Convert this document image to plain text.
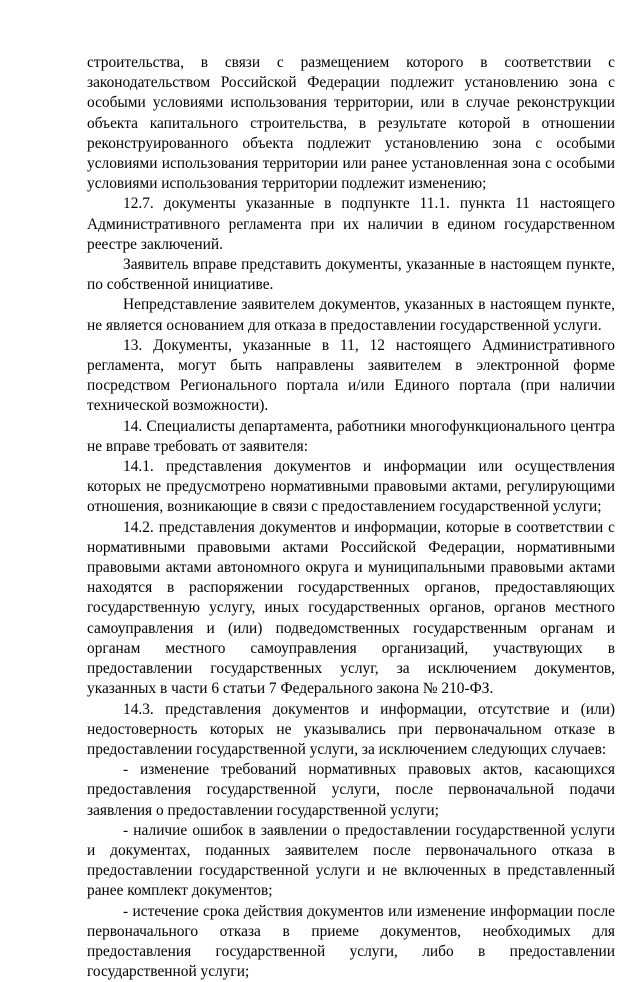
строительства, в связи с размещением которого в соответствии с законодательством Российской Федерации подлежит установлению зона с особыми условиями использования территории, или в случае реконструкции объекта капитального строительства, в результате которой в отношении реконструированного объекта подлежит установлению зона с особыми условиями использования территории или ранее установленная зона с особыми условиями использования территории подлежит изменению;

12.7. документы указанные в подпункте 11.1. пункта 11 настоящего Административного регламента при их наличии в едином государственном реестре заключений.

Заявитель вправе представить документы, указанные в настоящем пункте, по собственной инициативе.

Непредставление заявителем документов, указанных в настоящем пункте, не является основанием для отказа в предоставлении государственной услуги.

13. Документы, указанные в 11, 12 настоящего Административного регламента, могут быть направлены заявителем в электронной форме посредством Регионального портала и/или Единого портала (при наличии технической возможности).

14. Специалисты департамента, работники многофункционального центра не вправе требовать от заявителя:

14.1. представления документов и информации или осуществления которых не предусмотрено нормативными правовыми актами, регулирующими отношения, возникающие в связи с предоставлением государственной услуги;

14.2. представления документов и информации, которые в соответствии с нормативными правовыми актами Российской Федерации, нормативными правовыми актами автономного округа и муниципальными правовыми актами находятся в распоряжении государственных органов, предоставляющих государственную услугу, иных государственных органов, органов местного самоуправления и (или) подведомственных государственным органам и органам местного самоуправления организаций, участвующих в предоставлении государственных услуг, за исключением документов, указанных в части 6 статьи 7 Федерального закона № 210-ФЗ.

14.3. представления документов и информации, отсутствие и (или) недостоверность которых не указывались при первоначальном отказе в предоставлении государственной услуги, за исключением следующих случаев:

- изменение требований нормативных правовых актов, касающихся предоставления государственной услуги, после первоначальной подачи заявления о предоставлении государственной услуги;

- наличие ошибок в заявлении о предоставлении государственной услуги и документах, поданных заявителем после первоначального отказа в предоставлении государственной услуги и не включенных в представленный ранее комплект документов;

- истечение срока действия документов или изменение информации после первоначального отказа в приеме документов, необходимых для предоставления государственной услуги, либо в предоставлении государственной услуги;
